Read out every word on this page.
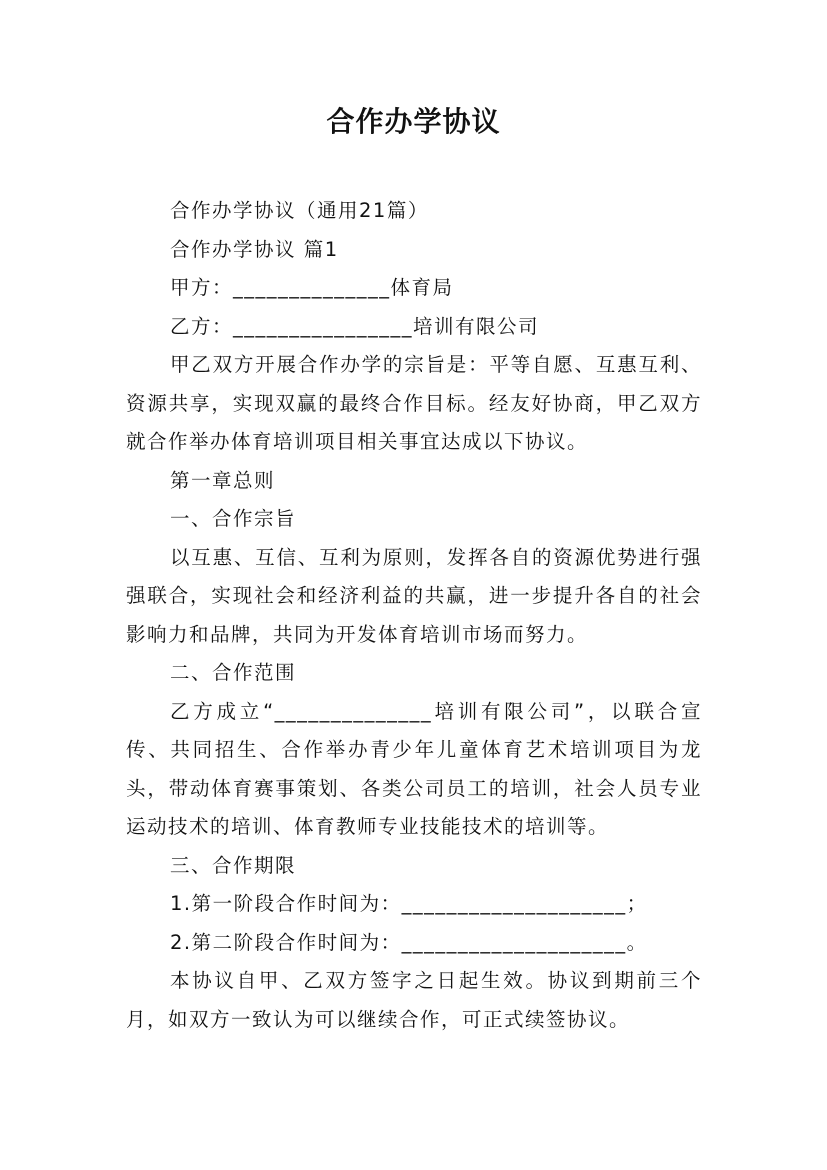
合作办学协议

合作办学协议（通用21篇）

合作办学协议 篇1

甲方：______________体育局

乙方：________________培训有限公司

甲乙双方开展合作办学的宗旨是：平等自愿、互惠互利、资源共享，实现双赢的最终合作目标。经友好协商，甲乙双方就合作举办体育培训项目相关事宜达成以下协议。

第一章总则

一、合作宗旨

以互惠、互信、互利为原则，发挥各自的资源优势进行强强联合，实现社会和经济利益的共赢，进一步提升各自的社会影响力和品牌，共同为开发体育培训市场而努力。

二、合作范围

乙方成立“______________培训有限公司”，以联合宣传、共同招生、合作举办青少年儿童体育艺术培训项目为龙头，带动体育赛事策划、各类公司员工的培训，社会人员专业运动技术的培训、体育教师专业技能技术的培训等。

三、合作期限

1.第一阶段合作时间为：____________________；

2.第二阶段合作时间为：____________________。

本协议自甲、乙双方签字之日起生效。协议到期前三个月，如双方一致认为可以继续合作，可正式续签协议。
